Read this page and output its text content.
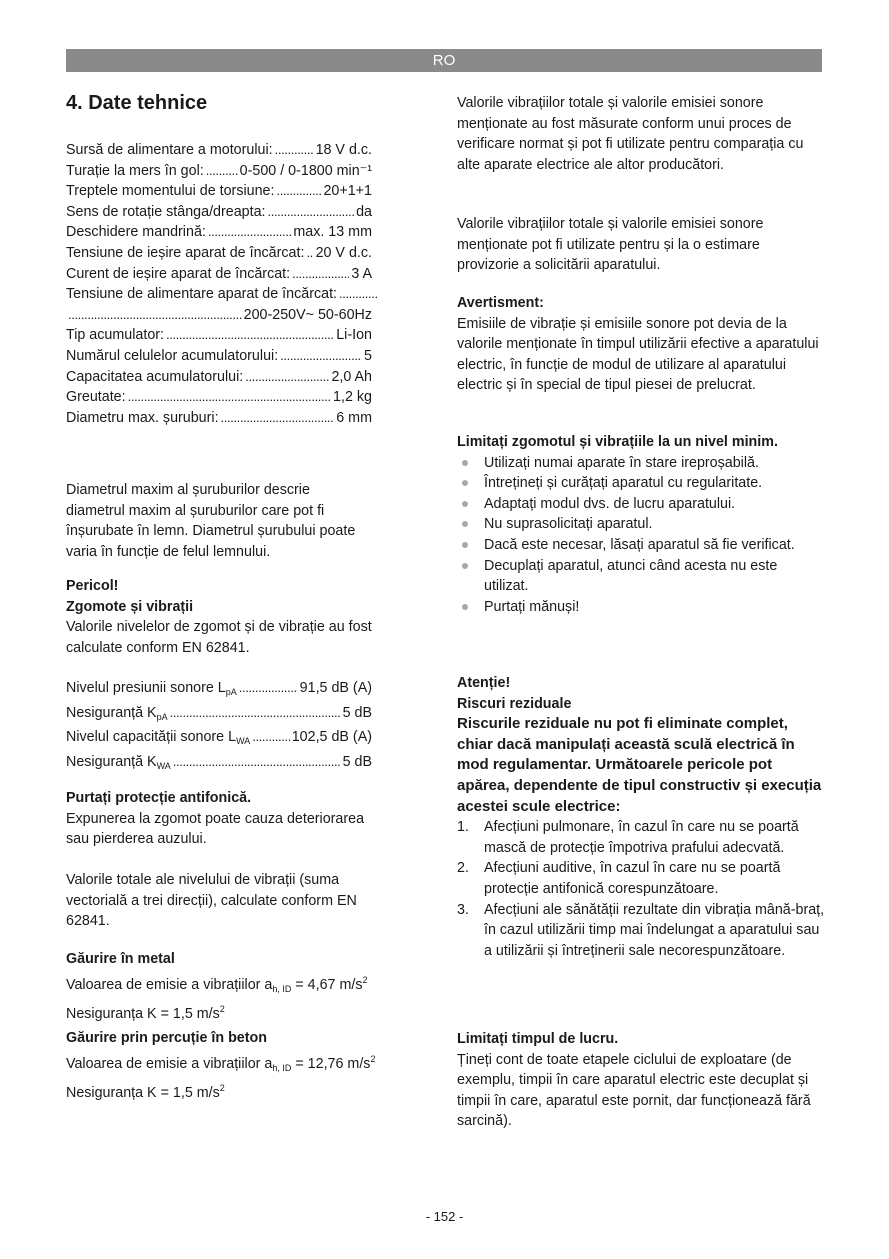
RO
4. Date tehnice
Sursă de alimentare a motorului: . . .	18 V d.c.
Turație la mers în gol: . . .	0-500 / 0-1800 min⁻¹
Treptele momentului de torsiune: . . .	20+1+1
Sens de rotație stânga/dreapta: . . .	da
Deschidere mandrină: . . .	max. 13 mm
Tensiune de ieșire aparat de încărcat: . . . 20 V d.c.
Curent de ieșire aparat de încărcat: . . .	3 A
Tensiune de alimentare aparat de încărcat:
. . .
. . .
200-250V~ 50-60Hz
Tip acumulator: . . .	Li-Ion
Numărul celulelor acumulatorului: . . .	5
Capacitatea acumulatorului: . . .	2,0 Ah
Greutate: . . .	1,2 kg
Diametru max. șuruburi: . . .	6 mm

Diametrul maxim al șuruburilor descrie diametrul maxim al șuruburilor care pot fi înșurubate în lemn. Diametrul șurubului poate varia în funcție de felul lemnului.

Pericol!

Zgomote și vibrații

Valorile nivelelor de zgomot și de vibrație au fost calculate conform EN 62841.

Nivelul presiunii sonore $L_{pA}$ . . .	91,5 dB (A)
Nesiguranță $K_{pA}$ . . .	5 dB
Nivelul capacității sonore $L_{WA}$ . . .	102,5 dB (A)
Nesiguranță $K_{WA}$ . . .	5 dB

Purtați protecție antifonică.

Expunerea la zgomot poate cauza deteriorarea sau pierderea auzului.

Valorile totale ale nivelului de vibrații (suma vectorială a trei direcții), calculate conform EN 62841.

Găurire în metal

Valoarea de emisie a vibrațiilor $a_{h, ID} = 4,67$ $m/s^2$

Nesiguranța K = 1,5 $m/s^2$

Găurire prin percuție în beton

Valoarea de emisie a vibrațiilor $a_{h, ID} = 12,76$ $m/s^2$

Nesiguranța K = 1,5 $m/s^2$

Valorile vibrațiilor totale și valorile emisiei sonore menționate au fost măsurate conform unui proces de verificare normat și pot fi utilizate pentru comparația cu alte aparate electrice ale altor producători.

Valorile vibrațiilor totale și valorile emisiei sonore menționate pot fi utilizate pentru și la o estimare provizorie a solicitării aparatului.

Avertisment:

Emisiile de vibrație și emisiile sonore pot devia de la valorile menționate în timpul utilizării efective a aparatului electric, în funcție de modul de utilizare al aparatului electric și în special de tipul piesei de prelucrat.

Limitați zgomotul și vibrațiile la un nivel minim.

Utilizați numai aparate în stare ireproșabilă.
Întrețineți și curățați aparatul cu regularitate.
Adaptați modul dvs. de lucru aparatului.
Nu suprasolicitați aparatul.
Dacă este necesar, lăsați aparatul să fie verificat.
Decuplați aparatul, atunci când acesta nu este utilizat.
Purtați mănuși!

Atenție!

Riscuri reziduale

Riscurile reziduale nu pot fi eliminate complet, chiar dacă manipulați această sculă electrică în mod regulamentar. Următoarele pericole pot apărea, dependente de tipul constructiv și execuția acestei scule electrice:

1. Afecțiuni pulmonare, în cazul în care nu se poartă mască de protecție împotriva prafului adecvată.
2. Afecțiuni auditive, în cazul în care nu se poartă protecție antifonică corespunzătoare.
3. Afecțiuni ale sănătății rezultate din vibrația mână-braț, în cazul utilizării timp mai îndelungat a aparatului sau a utilizării și întreținerii sale necorespunzătoare.

Limitați timpul de lucru.

Țineți cont de toate etapele ciclului de exploatare (de exemplu, timpii în care aparatul electric este decuplat și timpii în care, aparatul este pornit, dar funcționează fără sarcină).

- 152 -
